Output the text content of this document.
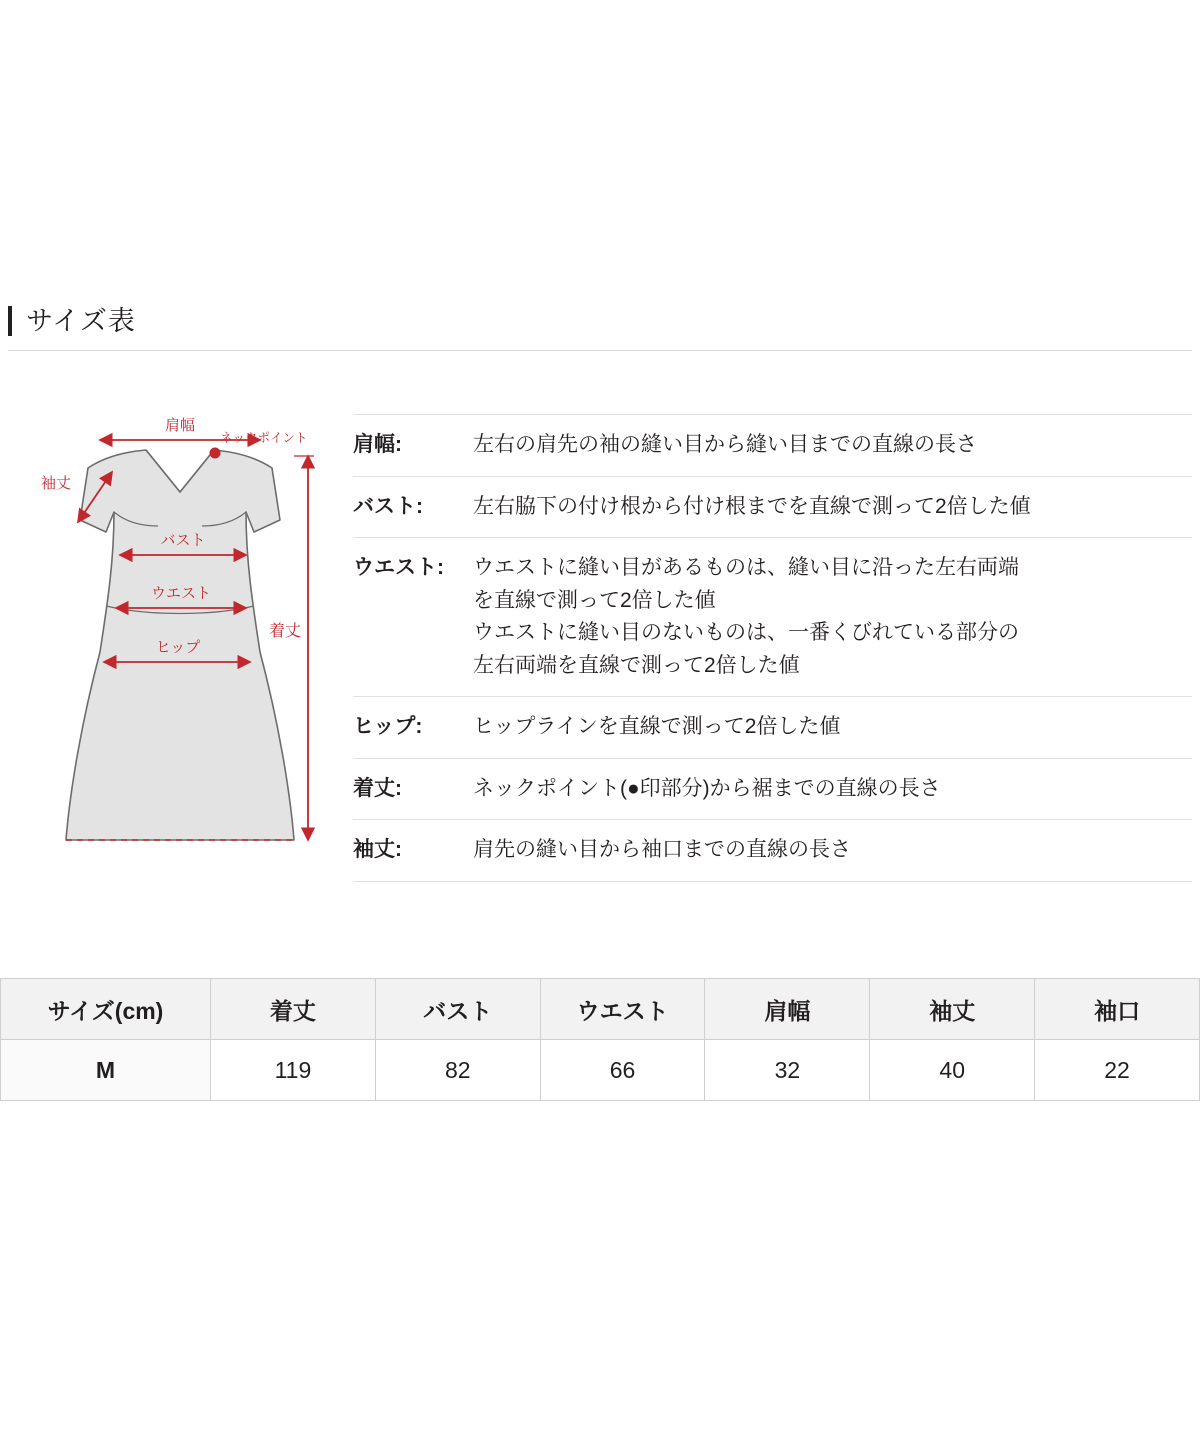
サイズ表
肩幅
ネックポイント
袖丈
バスト
ウエスト
ヒップ
着丈
肩幅:	左右の肩先の袖の縫い目から縫い目までの直線の長さ
バスト:	左右脇下の付け根から付け根までを直線で測って2倍した値
ウエスト:	ウエストに縫い目があるものは、縫い目に沿った左右両端
を直線で測って2倍した値
ウエストに縫い目のないものは、一番くびれている部分の
左右両端を直線で測って2倍した値
ヒップ:	ヒップラインを直線で測って2倍した値
着丈:	ネックポイント(●印部分)から裾までの直線の長さ
袖丈:	肩先の縫い目から袖口までの直線の長さ
サイズ(cm)	着丈	バスト	ウエスト	肩幅	袖丈	袖口
M	119	82	66	32	40	22
